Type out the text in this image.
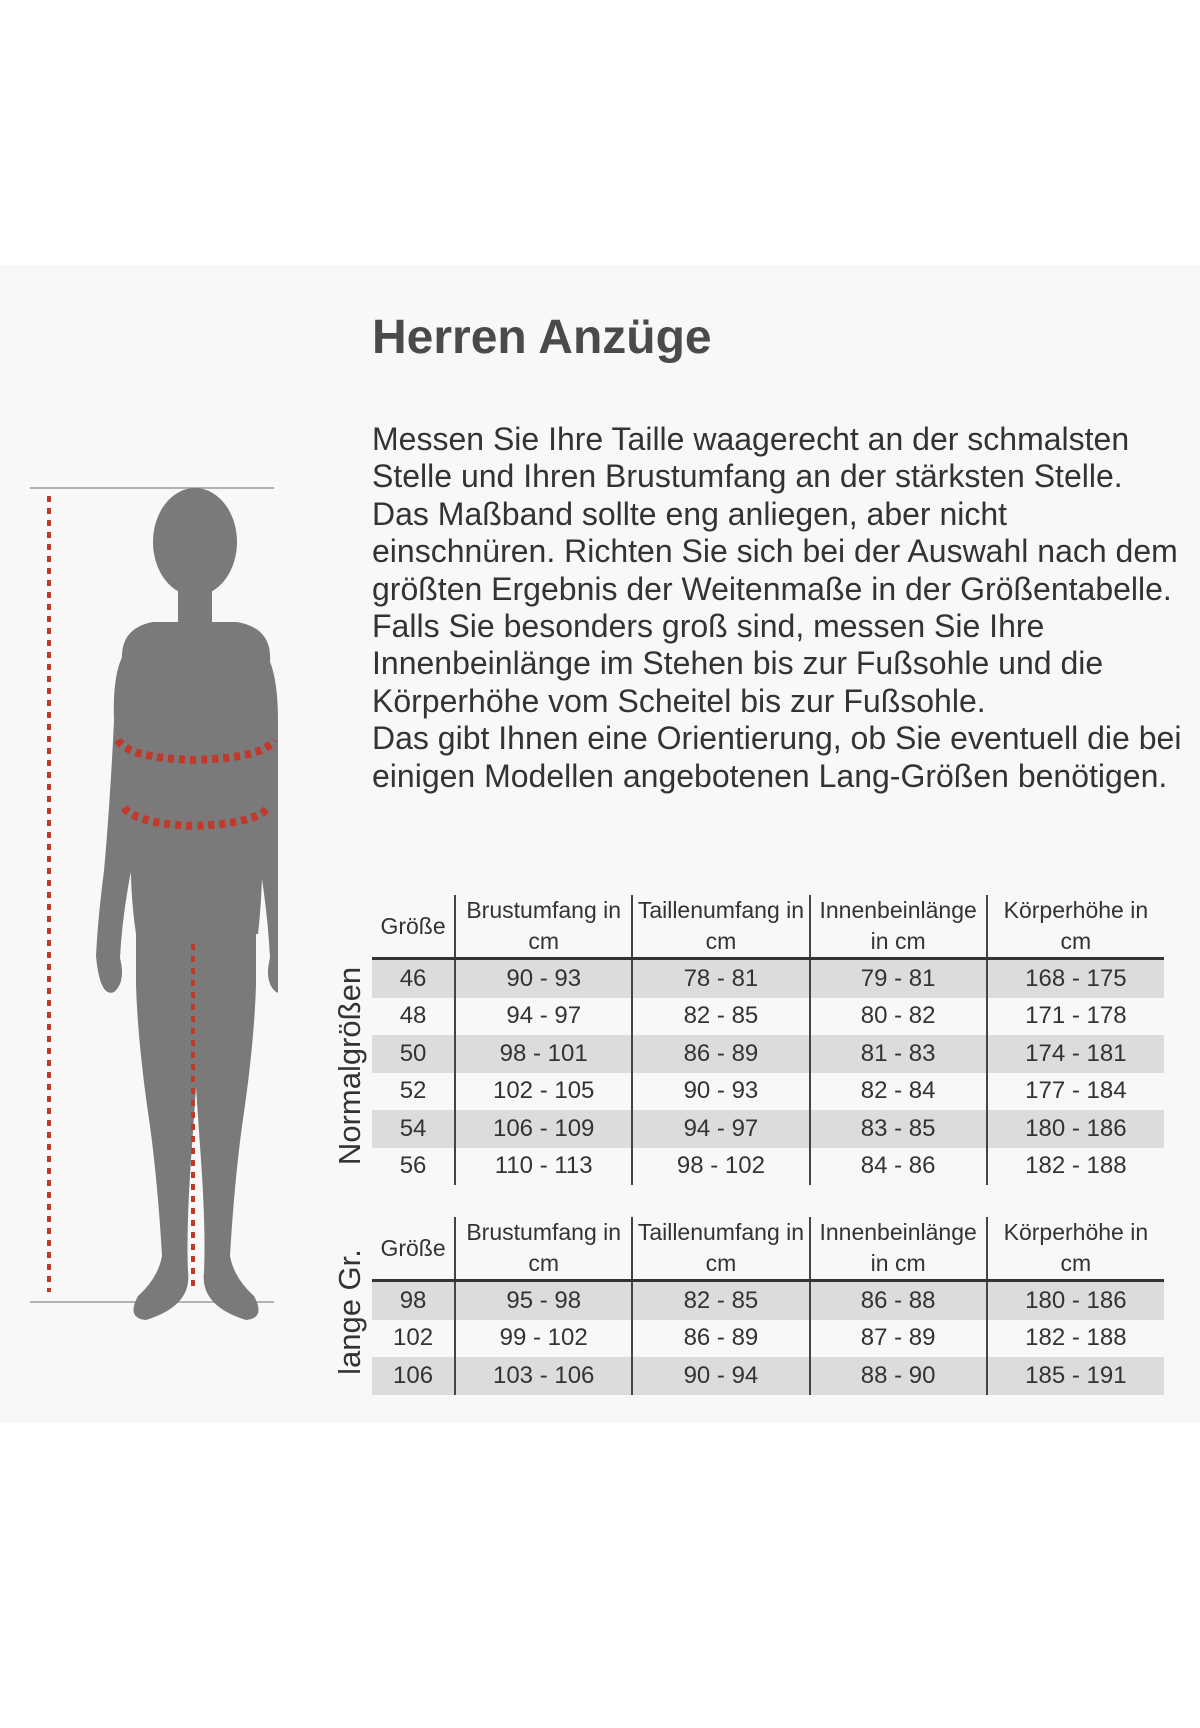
Herren Anzüge

Messen Sie Ihre Taille waagerecht an der schmalsten Stelle und Ihren Brustumfang an der stärksten Stelle. Das Maßband sollte eng anliegen, aber nicht einschnüren. Richten Sie sich bei der Auswahl nach dem größten Ergebnis der Weitenmaße in der Größentabelle.

Falls Sie besonders groß sind, messen Sie Ihre Innenbeinlänge im Stehen bis zur Fußsohle und die Körperhöhe vom Scheitel bis zur Fußsohle.

Das gibt Ihnen eine Orientierung, ob Sie eventuell die bei einigen Modellen angebotenen Lang-Größen benötigen.

Normalgrößen
Größe	Brustumfang in cm	Taillenumfang in cm	Innenbeinlänge in cm	Körperhöhe in cm
46	90 - 93	78 - 81	79 - 81	168 - 175
48	94 - 97	82 - 85	80 - 82	171 - 178
50	98 - 101	86 - 89	81 - 83	174 - 181
52	102 - 105	90 - 93	82 - 84	177 - 184
54	106 - 109	94 - 97	83 - 85	180 - 186
56	110 - 113	98 - 102	84 - 86	182 - 188
lange Gr.
Größe	Brustumfang in cm	Taillenumfang in cm	Innenbeinlänge in cm	Körperhöhe in cm
98	95 - 98	82 - 85	86 - 88	180 - 186
102	99 - 102	86 - 89	87 - 89	182 - 188
106	103 - 106	90 - 94	88 - 90	185 - 191
